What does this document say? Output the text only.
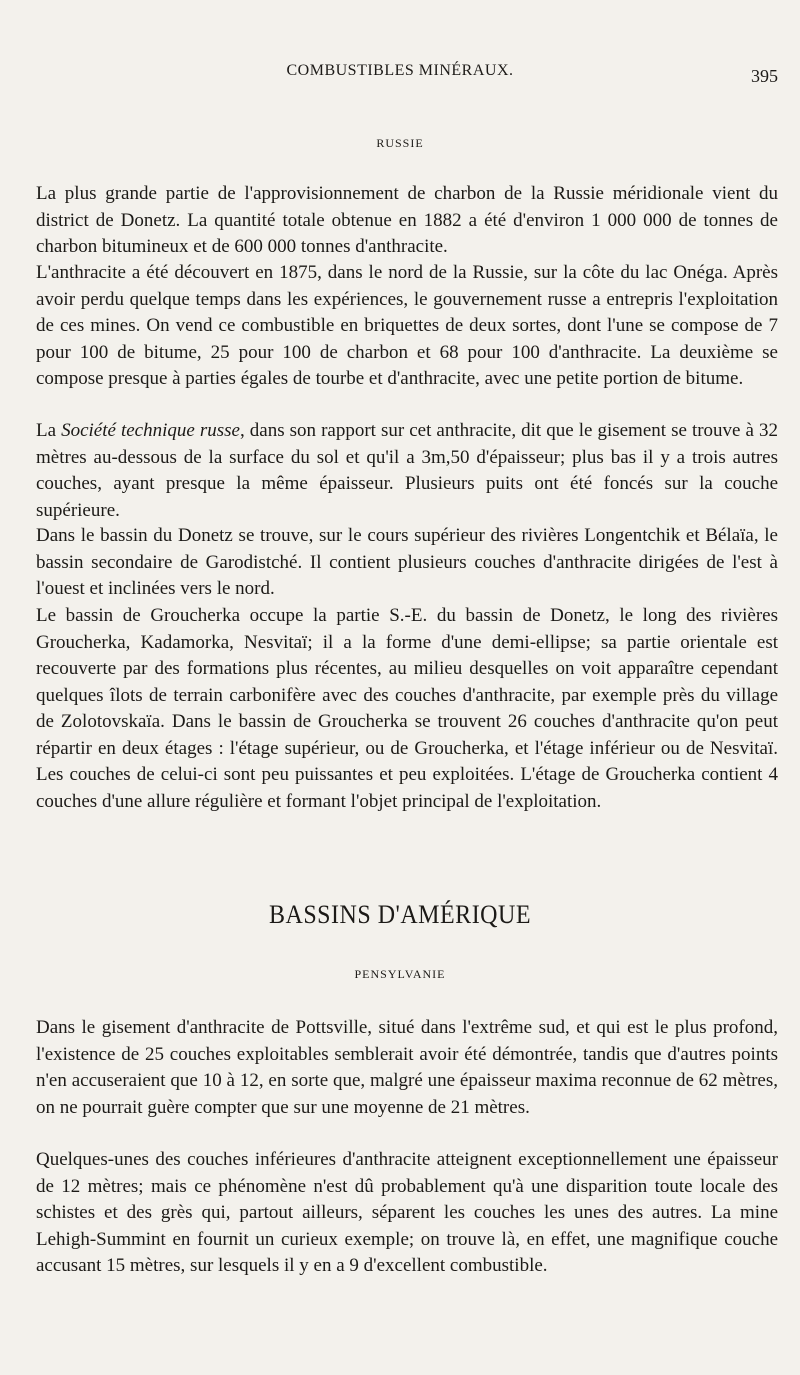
COMBUSTIBLES MINÉRAUX.	395
RUSSIE

La plus grande partie de l'approvisionnement de charbon de la Russie méridionale vient du district de Donetz. La quantité totale obtenue en 1882 a été d'environ 1 000 000 de tonnes de charbon bitumineux et de 600 000 tonnes d'anthracite.

L'anthracite a été découvert en 1875, dans le nord de la Russie, sur la côte du lac Onéga. Après avoir perdu quelque temps dans les expériences, le gouvernement russe a entrepris l'exploitation de ces mines. On vend ce combustible en briquettes de deux sortes, dont l'une se compose de 7 pour 100 de bitume, 25 pour 100 de charbon et 68 pour 100 d'anthracite. La deuxième se compose presque à parties égales de tourbe et d'anthracite, avec une petite portion de bitume.

La Société technique russe, dans son rapport sur cet anthracite, dit que le gisement se trouve à 32 mètres au-dessous de la surface du sol et qu'il a 3m,50 d'épaisseur; plus bas il y a trois autres couches, ayant presque la même épaisseur. Plusieurs puits ont été foncés sur la couche supérieure.

Dans le bassin du Donetz se trouve, sur le cours supérieur des rivières Longentchik et Bélaïa, le bassin secondaire de Garodistché. Il contient plusieurs couches d'anthracite dirigées de l'est à l'ouest et inclinées vers le nord.

Le bassin de Groucherka occupe la partie S.-E. du bassin de Donetz, le long des rivières Groucherka, Kadamorka, Nesvitaï; il a la forme d'une demi-ellipse; sa partie orientale est recouverte par des formations plus récentes, au milieu desquelles on voit apparaître cependant quelques îlots de terrain carbonifère avec des couches d'anthracite, par exemple près du village de Zolotovskaïa. Dans le bassin de Groucherka se trouvent 26 couches d'anthracite qu'on peut répartir en deux étages : l'étage supérieur, ou de Groucherka, et l'étage inférieur ou de Nesvitaï. Les couches de celui-ci sont peu puissantes et peu exploitées. L'étage de Groucherka contient 4 couches d'une allure régulière et formant l'objet principal de l'exploitation.

BASSINS D'AMÉRIQUE
PENSYLVANIE

Dans le gisement d'anthracite de Pottsville, situé dans l'extrême sud, et qui est le plus profond, l'existence de 25 couches exploitables semblerait avoir été démontrée, tandis que d'autres points n'en accuseraient que 10 à 12, en sorte que, malgré une épaisseur maxima reconnue de 62 mètres, on ne pourrait guère compter que sur une moyenne de 21 mètres.

Quelques-unes des couches inférieures d'anthracite atteignent exceptionnellement une épaisseur de 12 mètres; mais ce phénomène n'est dû probablement qu'à une disparition toute locale des schistes et des grès qui, partout ailleurs, séparent les couches les unes des autres. La mine Lehigh-Summint en fournit un curieux exemple; on trouve là, en effet, une magnifique couche accusant 15 mètres, sur lesquels il y en a 9 d'excellent combustible.
